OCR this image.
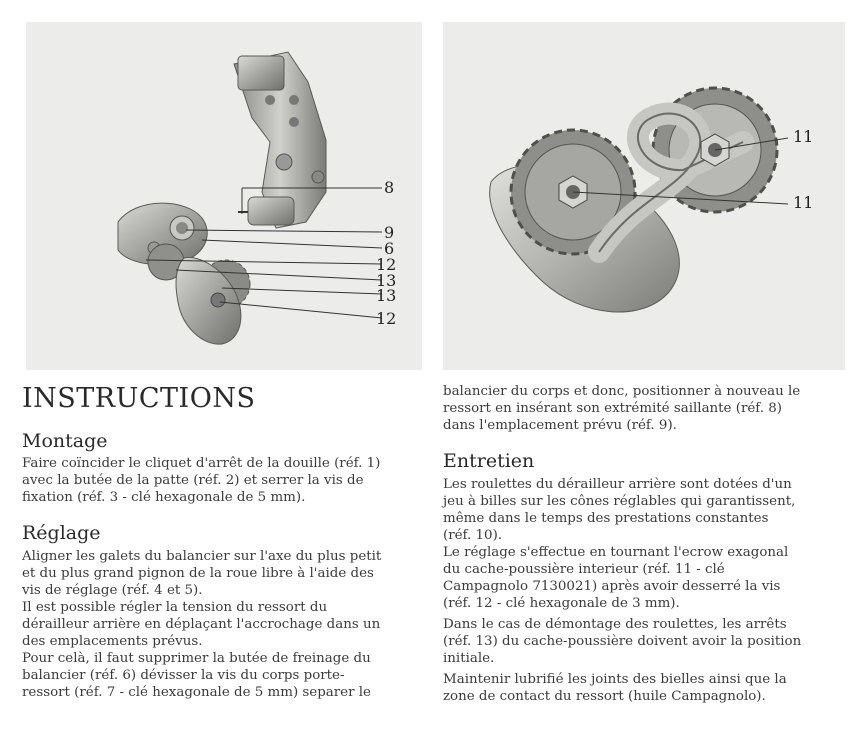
8
9
6
12
13
13
12
11
11
INSTRUCTIONS
Montage
Faire coïncider le cliquet d'arrêt de la douille (réf. 1)
avec la butée de la patte (réf. 2) et serrer la vis de
fixation (réf. 3 - clé hexagonale de 5 mm).
Réglage
Aligner les galets du balancier sur l'axe du plus petit
et du plus grand pignon de la roue libre à l'aide des
vis de réglage (réf. 4 et 5).
Il est possible régler la tension du ressort du
dérailleur arrière en déplaçant l'accrochage dans un
des emplacements prévus.
Pour celà, il faut supprimer la butée de freinage du
balancier (réf. 6) dévisser la vis du corps porte-
ressort (réf. 7 - clé hexagonale de 5 mm) separer le
balancier du corps et donc, positionner à nouveau le
ressort en insérant son extrémité saillante (réf. 8)
dans l'emplacement prévu (réf. 9).
Entretien
Les roulettes du dérailleur arrière sont dotées d'un
jeu à billes sur les cônes réglables qui garantissent,
même dans le temps des prestations constantes
(réf. 10).
Le réglage s'effectue en tournant l'ecrow exagonal
du cache-poussière interieur (réf. 11 - clé
Campagnolo 7130021) après avoir desserré la vis
(réf. 12 - clé hexagonale de 3 mm).
Dans le cas de démontage des roulettes, les arrêts
(réf. 13) du cache-poussière doivent avoir la position
initiale.
Maintenir lubrifié les joints des bielles ainsi que la
zone de contact du ressort (huile Campagnolo).
